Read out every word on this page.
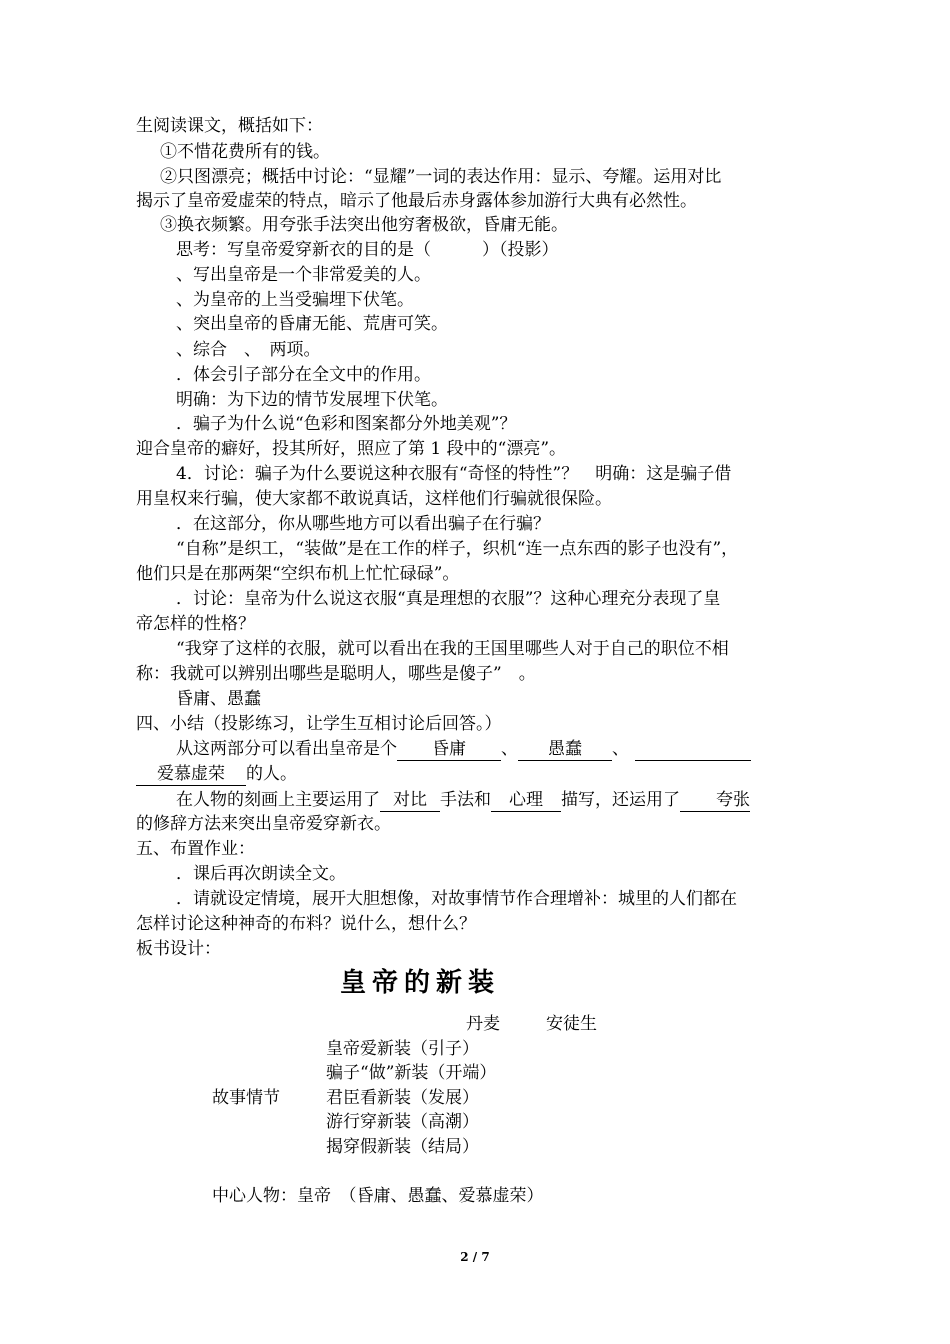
生阅读课文，概括如下：
①不惜花费所有的钱。
②只图漂亮；概括中讨论：“显耀”一词的表达作用：显示、夸耀。运用对比
揭示了皇帝爱虚荣的特点，暗示了他最后赤身露体参加游行大典有必然性。
③换衣频繁。用夸张手法突出他穷奢极欲，昏庸无能。
思考：写皇帝爱穿新衣的目的是（　　　）（投影）
、写出皇帝是一个非常爱美的人。
、为皇帝的上当受骗埋下伏笔。
、突出皇帝的昏庸无能、荒唐可笑。
、综合　、　两项。
．体会引子部分在全文中的作用。
明确：为下边的情节发展埋下伏笔。
．骗子为什么说“色彩和图案都分外地美观”？
迎合皇帝的癖好，投其所好，照应了第 1 段中的“漂亮”。
4．讨论：骗子为什么要说这种衣服有“奇怪的特性”？　明确：这是骗子借
用皇权来行骗，使大家都不敢说真话，这样他们行骗就很保险。
．在这部分，你从哪些地方可以看出骗子在行骗？
“自称”是织工，“装做”是在工作的样子，织机“连一点东西的影子也没有”，
他们只是在那两架“空织布机上忙忙碌碌”。
．讨论：皇帝为什么说这衣服“真是理想的衣服”？这种心理充分表现了皇
帝怎样的性格？
“我穿了这样的衣服，就可以看出在我的王国里哪些人对于自己的职位不相
称：我就可以辨别出哪些是聪明人，哪些是傻子”　。
昏庸、愚蠢
四、小结（投影练习，让学生互相讨论后回答。）
从这两部分可以看出皇帝是个 昏庸 、 愚蠢 、
爱慕虚荣 的人。
在人物的刻画上主要运用了 对比 手法和 心理 描写，还运用了 夸张
的修辞方法来突出皇帝爱穿新衣。
五、布置作业：
．课后再次朗读全文。
．请就设定情境，展开大胆想像，对故事情节作合理增补：城里的人们都在
怎样讨论这种神奇的布料？说什么，想什么？
板书设计：
皇帝的新装
丹麦	安徒生
皇帝爱新装（引子）
骗子“做”新装（开端）
故事情节	君臣看新装（发展）
游行穿新装（高潮）
揭穿假新装（结局）
中心人物：皇帝　（昏庸、愚蠢、爱慕虚荣）
2 / 7
